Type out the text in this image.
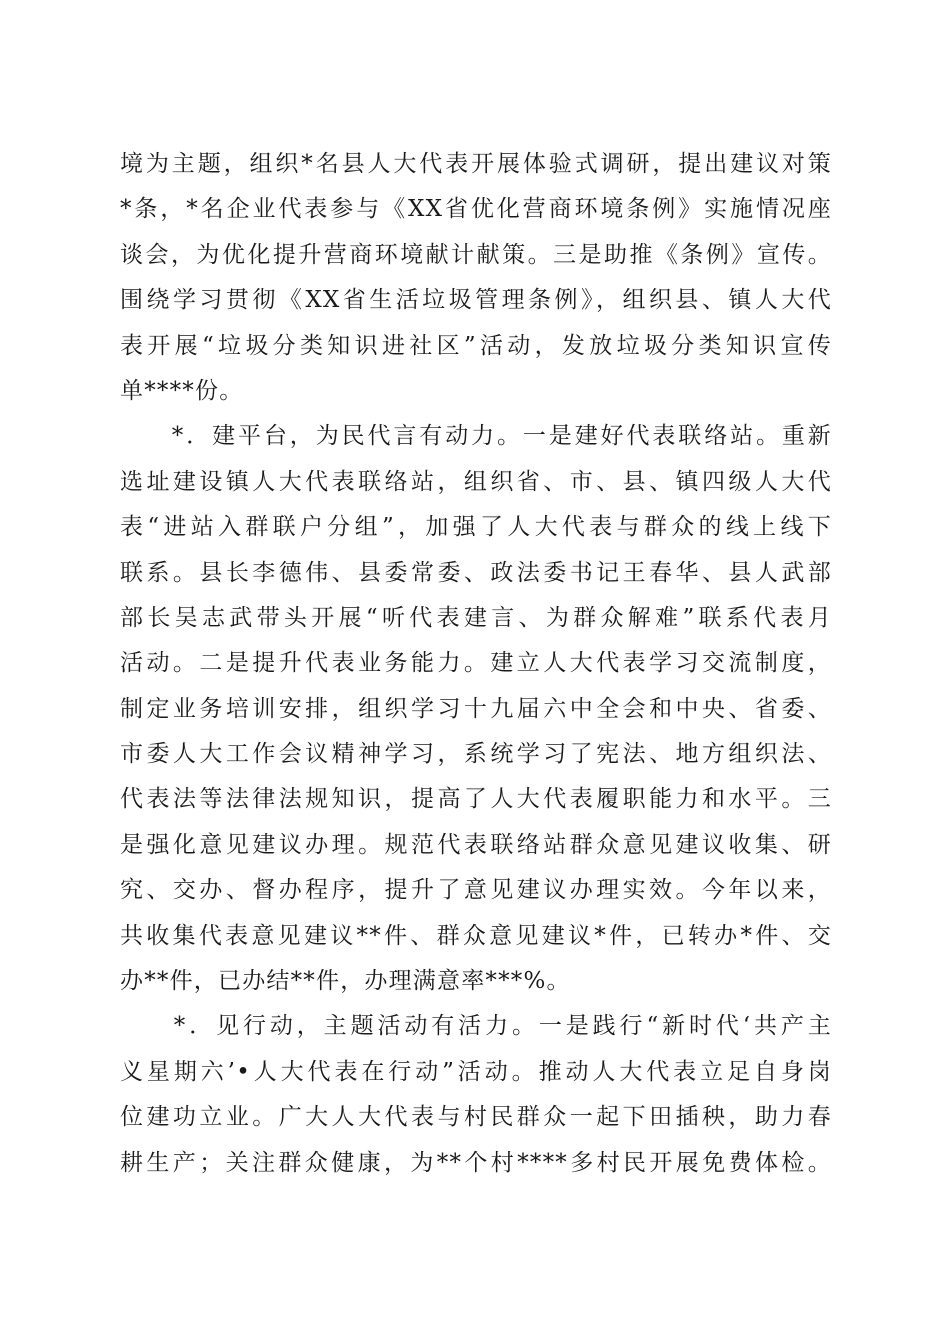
境为主题，组织*名县人大代表开展体验式调研，提出建议对策
*条，*名企业代表参与《XX省优化营商环境条例》实施情况座
谈会，为优化提升营商环境献计献策。三是助推《条例》宣传。
围绕学习贯彻《XX省生活垃圾管理条例》，组织县、镇人大代
表开展“垃圾分类知识进社区”活动，发放垃圾分类知识宣传
单****份。
　　*．建平台，为民代言有动力。一是建好代表联络站。重新
选址建设镇人大代表联络站，组织省、市、县、镇四级人大代
表“进站入群联户分组”，加强了人大代表与群众的线上线下
联系。县长李德伟、县委常委、政法委书记王春华、县人武部
部长吴志武带头开展“听代表建言、为群众解难”联系代表月
活动。二是提升代表业务能力。建立人大代表学习交流制度，
制定业务培训安排，组织学习十九届六中全会和中央、省委、
市委人大工作会议精神学习，系统学习了宪法、地方组织法、
代表法等法律法规知识，提高了人大代表履职能力和水平。三
是强化意见建议办理。规范代表联络站群众意见建议收集、研
究、交办、督办程序，提升了意见建议办理实效。今年以来，
共收集代表意见建议**件、群众意见建议*件，已转办*件、交
办**件，已办结**件，办理满意率***%。
　　*．见行动，主题活动有活力。一是践行“新时代‘共产主
义星期六’•人大代表在行动”活动。推动人大代表立足自身岗
位建功立业。广大人大代表与村民群众一起下田插秧，助力春
耕生产；关注群众健康，为**个村****多村民开展免费体检。
